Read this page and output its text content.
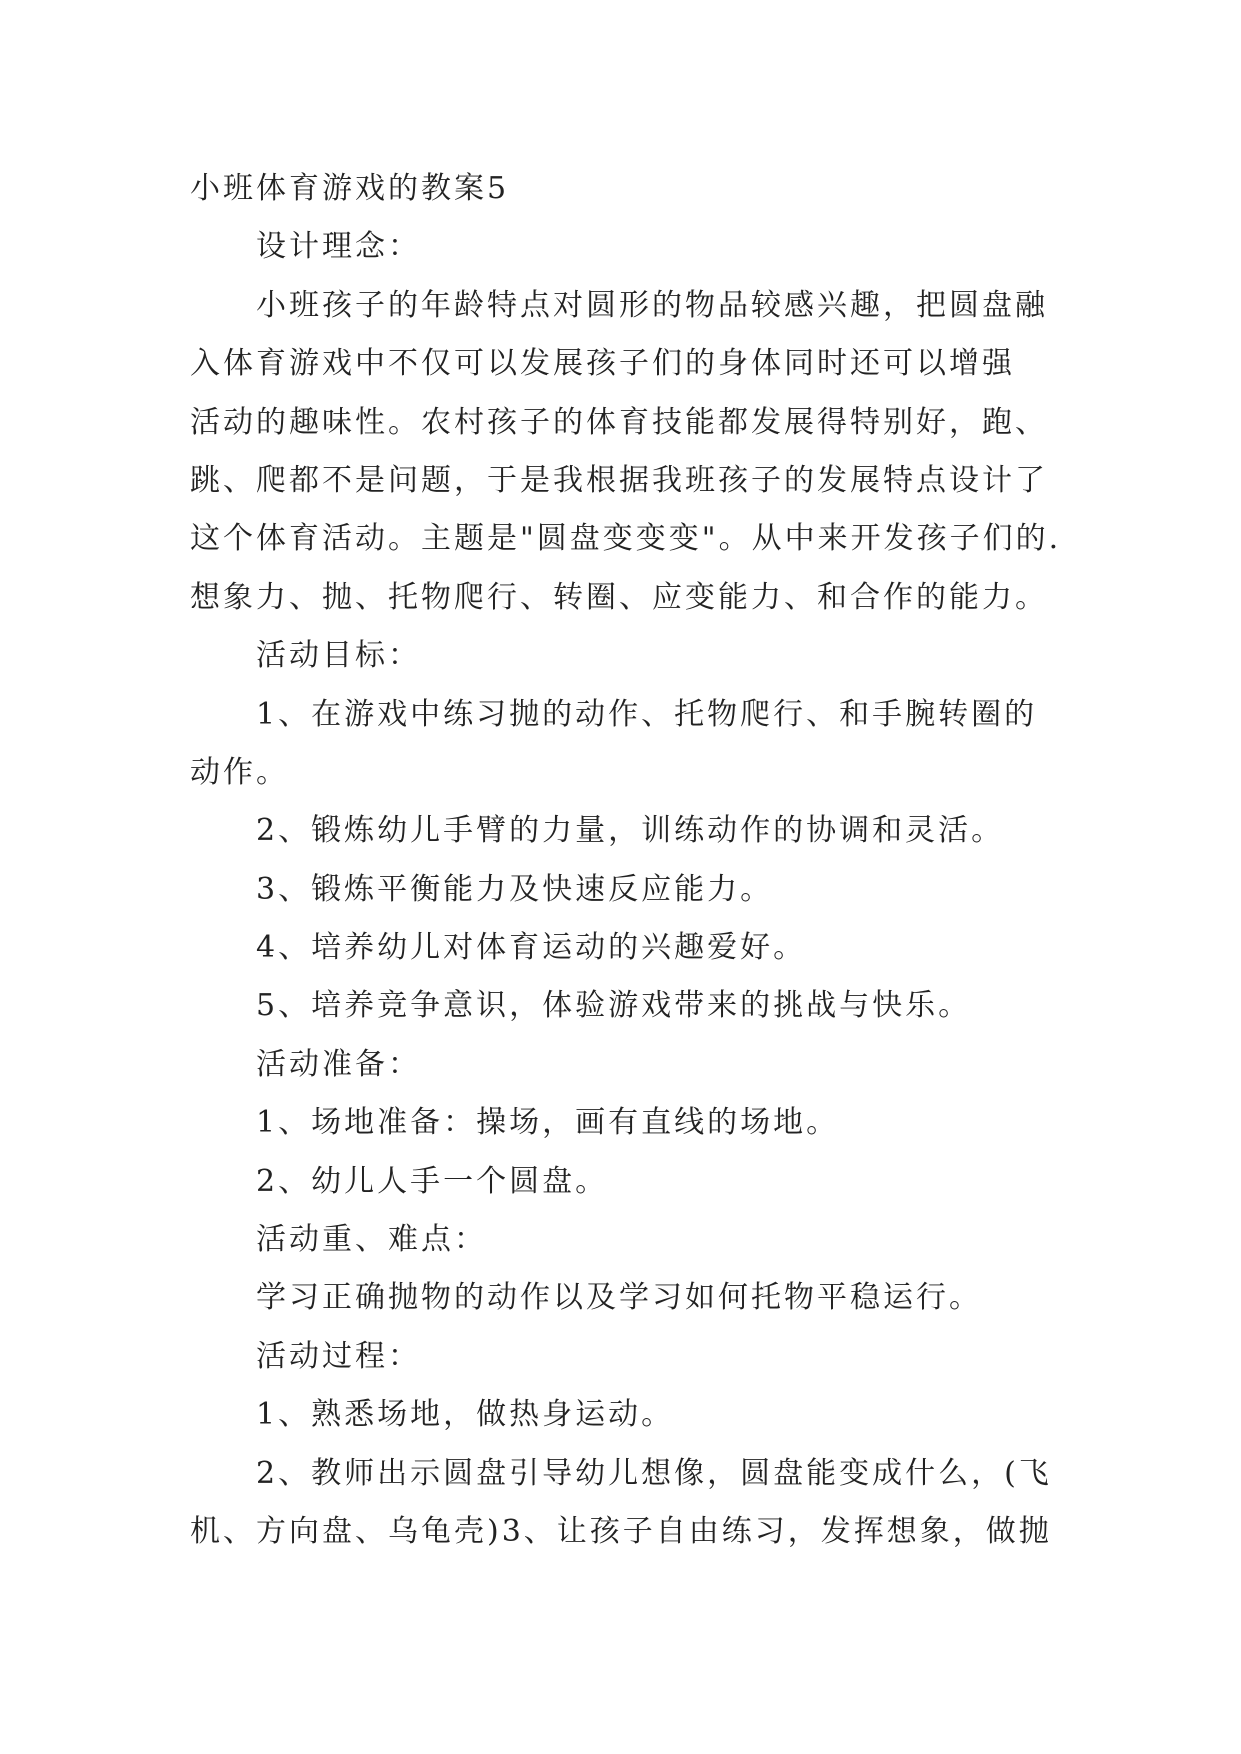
小班体育游戏的教案5
设计理念：
小班孩子的年龄特点对圆形的物品较感兴趣，把圆盘融
入体育游戏中不仅可以发展孩子们的身体同时还可以增强
活动的趣味性。农村孩子的体育技能都发展得特别好，跑、
跳、爬都不是问题，于是我根据我班孩子的发展特点设计了
这个体育活动。主题是"圆盘变变变"。从中来开发孩子们的.
想象力、抛、托物爬行、转圈、应变能力、和合作的能力。
活动目标：
1、在游戏中练习抛的动作、托物爬行、和手腕转圈的
动作。
2、锻炼幼儿手臂的力量，训练动作的协调和灵活。
3、锻炼平衡能力及快速反应能力。
4、培养幼儿对体育运动的兴趣爱好。
5、培养竞争意识，体验游戏带来的挑战与快乐。
活动准备：
1、场地准备：操场，画有直线的场地。
2、幼儿人手一个圆盘。
活动重、难点：
学习正确抛物的动作以及学习如何托物平稳运行。
活动过程：
1、熟悉场地，做热身运动。
2、教师出示圆盘引导幼儿想像，圆盘能变成什么，(飞
机、方向盘、乌龟壳)3、让孩子自由练习，发挥想象，做抛
